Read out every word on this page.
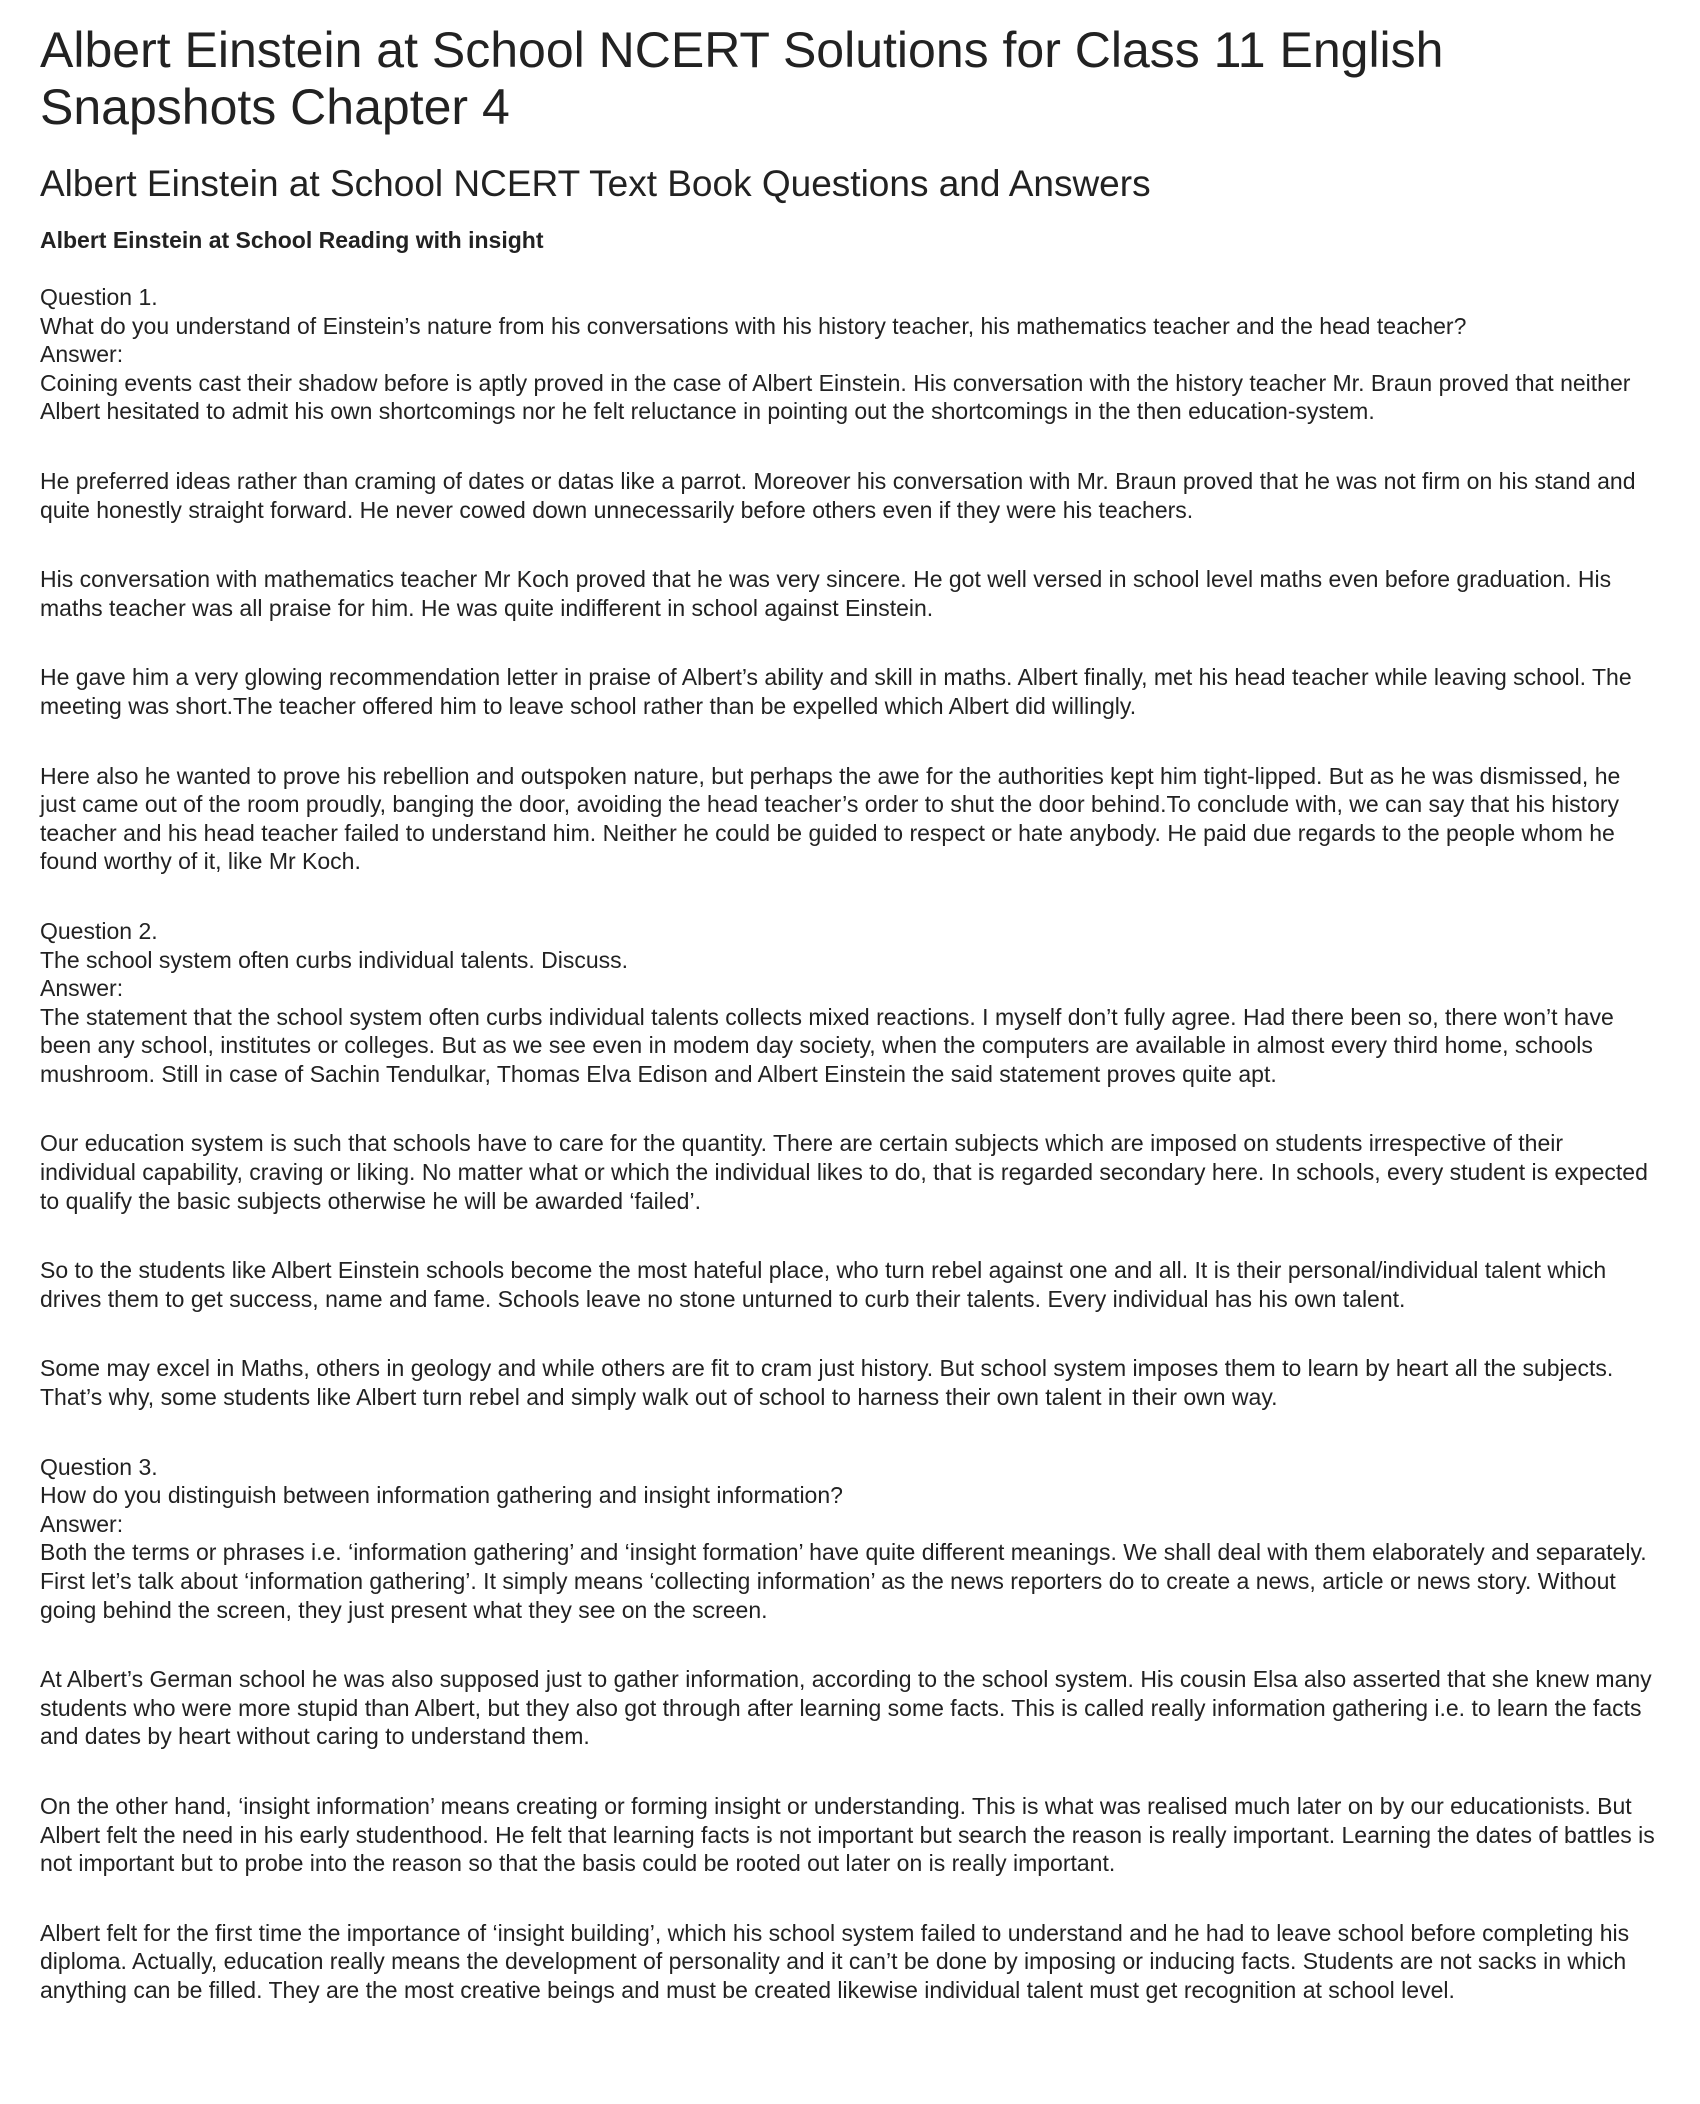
Albert Einstein at School NCERT Solutions for Class 11 English Snapshots Chapter 4
Albert Einstein at School NCERT Text Book Questions and Answers
Albert Einstein at School Reading with insight
Question 1.
What do you understand of Einstein’s nature from his conversations with his history teacher, his mathematics teacher and the head teacher?
Answer:

Coining events cast their shadow before is aptly proved in the case of Albert Einstein. His conversation with the history teacher Mr. Braun proved that neither Albert hesitated to admit his own shortcomings nor he felt reluctance in pointing out the shortcomings in the then education-system.

He preferred ideas rather than craming of dates or datas like a parrot. Moreover his conversation with Mr. Braun proved that he was not firm on his stand and quite honestly straight forward. He never cowed down unnecessarily before others even if they were his teachers.

His conversation with mathematics teacher Mr Koch proved that he was very sincere. He got well versed in school level maths even before graduation. His maths teacher was all praise for him. He was quite indifferent in school against Einstein.

He gave him a very glowing recommendation letter in praise of Albert’s ability and skill in maths. Albert finally, met his head teacher while leaving school. The meeting was short.The teacher offered him to leave school rather than be expelled which Albert did willingly.

Here also he wanted to prove his rebellion and outspoken nature, but perhaps the awe for the authorities kept him tight-lipped. But as he was dismissed, he just came out of the room proudly, banging the door, avoiding the head teacher’s order to shut the door behind.To conclude with, we can say that his history teacher and his head teacher failed to understand him. Neither he could be guided to respect or hate anybody. He paid due regards to the people whom he found worthy of it, like Mr Koch.

Question 2.
The school system often curbs individual talents. Discuss.
Answer:

The statement that the school system often curbs individual talents collects mixed reactions. I myself don’t fully agree. Had there been so, there won’t have been any school, institutes or colleges. But as we see even in modem day society, when the computers are available in almost every third home, schools mushroom. Still in case of Sachin Tendulkar, Thomas Elva Edison and Albert Einstein the said statement proves quite apt.

Our education system is such that schools have to care for the quantity. There are certain subjects which are imposed on students irrespective of their individual capability, craving or liking. No matter what or which the individual likes to do, that is regarded secondary here. In schools, every student is expected to qualify the basic subjects otherwise he will be awarded ‘failed’.

So to the students like Albert Einstein schools become the most hateful place, who turn rebel against one and all. It is their personal/individual talent which drives them to get success, name and fame. Schools leave no stone unturned to curb their talents. Every individual has his own talent.

Some may excel in Maths, others in geology and while others are fit to cram just history. But school system imposes them to learn by heart all the subjects. That’s why, some students like Albert turn rebel and simply walk out of school to harness their own talent in their own way.

Question 3.
How do you distinguish between information gathering and insight information?
Answer:

Both the terms or phrases i.e. ‘information gathering’ and ‘insight formation’ have quite different meanings. We shall deal with them elaborately and separately. First let’s talk about ‘information gathering’. It simply means ‘collecting information’ as the news reporters do to create a news, article or news story. Without going behind the screen, they just present what they see on the screen.

At Albert’s German school he was also supposed just to gather information, according to the school system. His cousin Elsa also asserted that she knew many students who were more stupid than Albert, but they also got through after learning some facts. This is called really information gathering i.e. to learn the facts and dates by heart without caring to understand them.

On the other hand, ‘insight information’ means creating or forming insight or understanding. This is what was realised much later on by our educationists. But Albert felt the need in his early studenthood. He felt that learning facts is not important but search the reason is really important. Learning the dates of battles is not important but to probe into the reason so that the basis could be rooted out later on is really important.

Albert felt for the first time the importance of ‘insight building’, which his school system failed to understand and he had to leave school before completing his diploma. Actually, education really means the development of personality and it can’t be done by imposing or inducing facts. Students are not sacks in which anything can be filled. They are the most creative beings and must be created likewise individual talent must get recognition at school level.
